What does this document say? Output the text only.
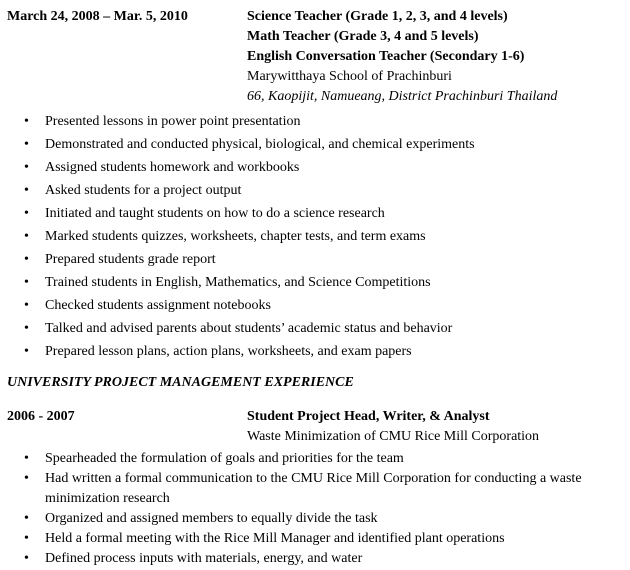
March 24, 2008 – Mar. 5, 2010	Science Teacher (Grade 1, 2, 3, and 4 levels)
Math Teacher (Grade 3, 4 and 5 levels)
English Conversation Teacher (Secondary 1-6)
Marywitthaya School of Prachinburi
66, Kaopijit, Namueang, District Prachinburi Thailand
• Presented lessons in power point presentation
• Demonstrated and conducted physical, biological, and chemical experiments
• Assigned students homework and workbooks
• Asked students for a project output
• Initiated and taught students on how to do a science research
• Marked students quizzes, worksheets, chapter tests, and term exams
• Prepared students grade report
• Trained students in English, Mathematics, and Science Competitions
• Checked students assignment notebooks
• Talked and advised parents about students’ academic status and behavior
• Prepared lesson plans, action plans, worksheets, and exam papers
UNIVERSITY PROJECT MANAGEMENT EXPERIENCE
2006 - 2007	Student Project Head, Writer, & Analyst
Waste Minimization of CMU Rice Mill Corporation
• Spearheaded the formulation of goals and priorities for the team
• Had written a formal communication to the CMU Rice Mill Corporation for conducting a waste minimization research
• Organized and assigned members to equally divide the task
• Held a formal meeting with the Rice Mill Manager and identified plant operations
• Defined process inputs with materials, energy, and water
